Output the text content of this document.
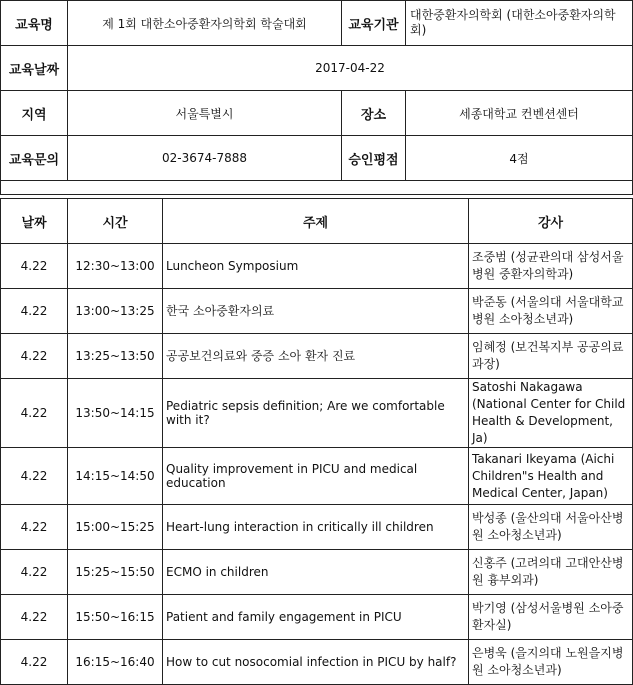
교육명	제 1회 대한소아중환자의학회 학술대회	교육기관	대한중환자의학회 (대한소아중환자의학회)
교육날짜	2017-04-22		
지역	서울특별시	장소	세종대학교 컨벤션센터
교육문의	02-3674-7888	승인평점	4점

날짜	시간	주제	강사
4.22	12:30~13:00	Luncheon Symposium	조중범 (성균관의대 삼성서울병원 중환자의학과)
4.22	13:00~13:25	한국 소아중환자의료	박준동 (서울의대 서울대학교병원 소아청소년과)
4.22	13:25~13:50	공공보건의료와 중증 소아 환자 진료	임혜정 (보건복지부 공공의료과장)
4.22	13:50~14:15	Pediatric sepsis definition; Are we comfortable with it?	Satoshi Nakagawa (National Center for Child Health & Development, Ja)
4.22	14:15~14:50	Quality improvement in PICU and medical education	Takanari Ikeyama (Aichi Children"s Health and Medical Center, Japan)
4.22	15:00~15:25	Heart-lung interaction in critically ill children	박성종 (울산의대 서울아산병원 소아청소년과)
4.22	15:25~15:50	ECMO in children	신홍주 (고려의대 고대안산병원 흉부외과)
4.22	15:50~16:15	Patient and family engagement in PICU	박기영 (삼성서울병원 소아중환자실)
4.22	16:15~16:40	How to cut nosocomial infection in PICU by half?	은병욱 (을지의대 노원을지병원 소아청소년과)
